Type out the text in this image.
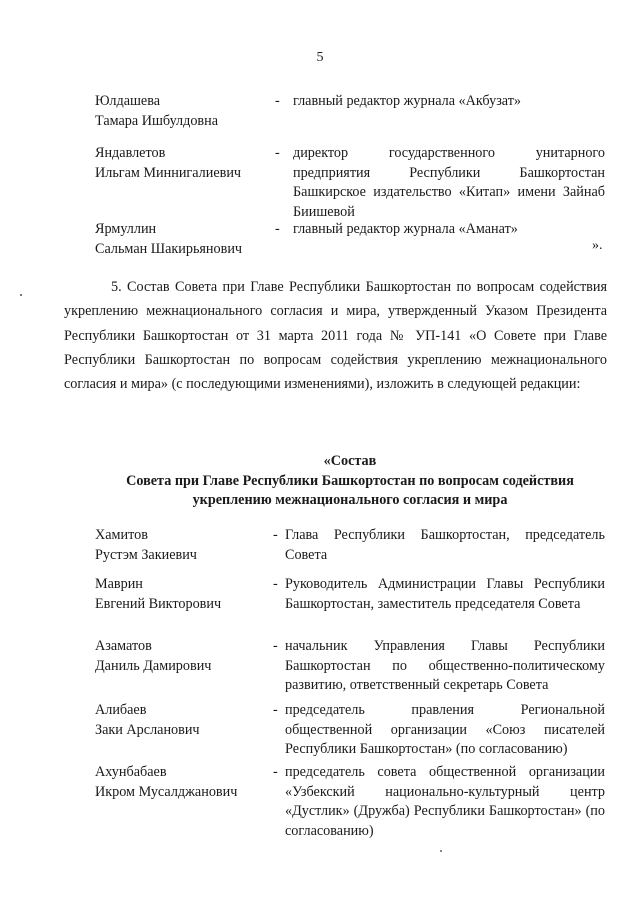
5
Юлдашева
Тамара Ишбулдовна
- главный редактор журнала «Акбузат»
Яндавлетов
Ильгам Миннигалиевич
- директор государственного унитарного предприятия Республики Башкортостан Башкирское издательство «Китап» имени Зайнаб Биишевой
Ярмуллин
Сальман Шакирьянович
- главный редактор журнала «Аманат»
».
5. Состав Совета при Главе Республики Башкортостан по вопросам содействия укреплению межнационального согласия и мира, утвержденный Указом Президента Республики Башкортостан от 31 марта 2011 года № УП-141 «О Совете при Главе Республики Башкортостан по вопросам содействия укреплению межнационального согласия и мира» (с последующими изменениями), изложить в следующей редакции:
«Состав
Совета при Главе Республики Башкортостан по вопросам содействия
укреплению межнационального согласия и мира
Хамитов
Рустэм Закиевич
- Глава Республики Башкортостан, председатель Совета
Маврин
Евгений Викторович
- Руководитель Администрации Главы Республики Башкортостан, заместитель председателя Совета
Азаматов
Даниль Дамирович
- начальник Управления Главы Республики Башкортостан по общественно-политическому развитию, ответственный секретарь Совета
Алибаев
Заки Арсланович
- председатель правления Региональной общественной организации «Союз писателей Республики Башкортостан» (по согласованию)
Ахунбабаев
Икром Мусалджанович
- председатель совета общественной организации «Узбекский национально-культурный центр «Дустлик» (Дружба) Республики Башкортостан» (по согласованию)
